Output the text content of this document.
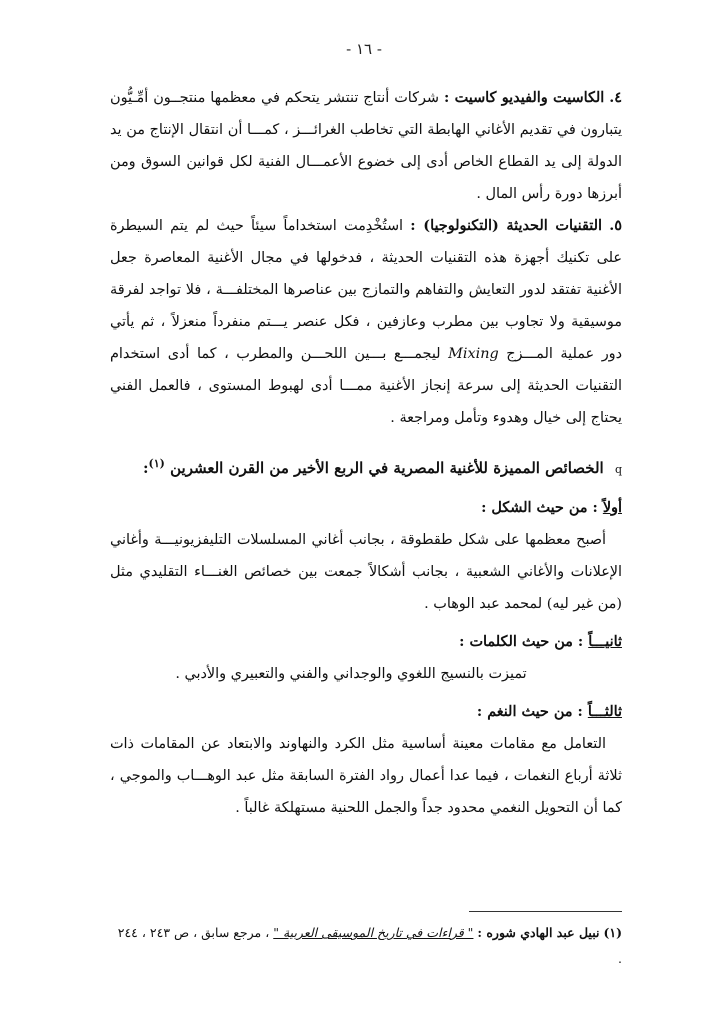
- ١٦ -

٤. الكاسيت والفيديو كاسيت : شركات أنتاج تنتشر يتحكم في معظمها منتجــون أمِّـيُّون يتبارون في تقديم الأغاني الهابطة التي تخاطب الغرائـــز ، كمـــا أن انتقال الإنتاج من يد الدولة إلى يد القطاع الخاص أدى إلى خضوع الأعمـــال الفنية لكل قوانين السوق ومن أبرزها دورة رأس المال .

٥. التقنيات الحديثة (التكنولوجيا) : استُخْدِمت استخداماً سيئاً حيث لم يتم السيطرة على تكنيك أجهزة هذه التقنيات الحديثة ، فدخولها في مجال الأغنية المعاصرة جعل الأغنية تفتقد لدور التعايش والتفاهم والتمازج بين عناصرها المختلفـــة ، فلا تواجد لفرقة موسيقية ولا تجاوب بين مطرب وعازفين ، فكل عنصر يـــتم منفرداً منعزلاً ، ثم يأتي دور عملية المـــزج Mixing ليجمـــع بـــين اللحـــن والمطرب ، كما أدى استخدام التقنيات الحديثة إلى سرعة إنجاز الأغنية ممـــا أدى لهبوط المستوى ، فالعمل الفني يحتاج إلى خيال وهدوء وتأمل ومراجعة .

q الخصائص المميزة للأغنية المصرية في الربع الأخير من القرن العشرين $^{(١)}$:

أولاً : من حيث الشكل :

أصبح معظمها على شكل طقطوقة ، بجانب أغاني المسلسلات التليفزيونيـــة وأغاني الإعلانات والأغاني الشعبية ، بجانب أشكالاً جمعت بين خصائص الغنـــاء التقليدي مثل (من غير ليه) لمحمد عبد الوهاب .

ثانيـــاً : من حيث الكلمات :

تميزت بالنسيج اللغوي والوجداني والفني والتعبيري والأدبي .

ثالثـــاً : من حيث النغم :

التعامل مع مقامات معينة أساسية مثل الكرد والنهاوند والابتعاد عن المقامات ذات ثلاثة أرباع النغمات ، فيما عدا أعمال رواد الفترة السابقة مثل عبد الوهـــاب والموجي ، كما أن التحويل النغمي محدود جداً والجمل اللحنية مستهلكة غالباً .

(١) نبيل عبد الهادي شوره : " قراءات في تاريخ الموسيقى العربية " ، مرجع سابق ، ص ٢٤٣ ، ٢٤٤ .
